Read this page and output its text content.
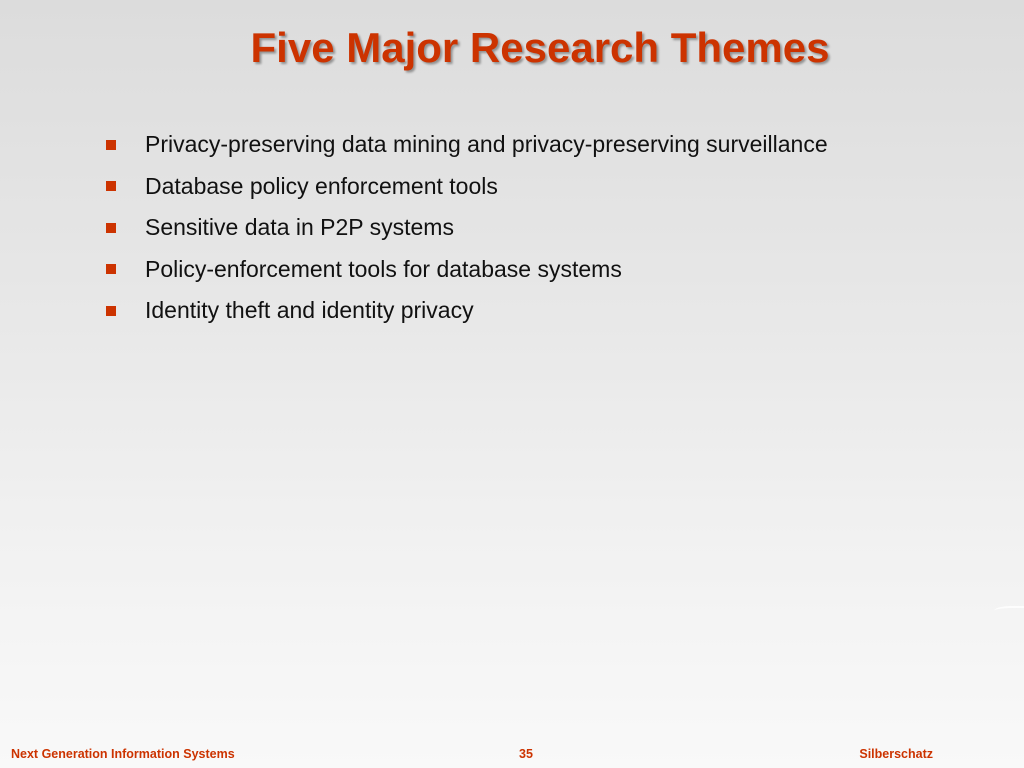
Five Major Research Themes
Privacy-preserving data mining and privacy-preserving surveillance
Database policy enforcement tools
Sensitive data in P2P systems
Policy-enforcement tools for database systems
Identity theft and identity privacy
Next Generation Information Systems	35	Silberschatz
